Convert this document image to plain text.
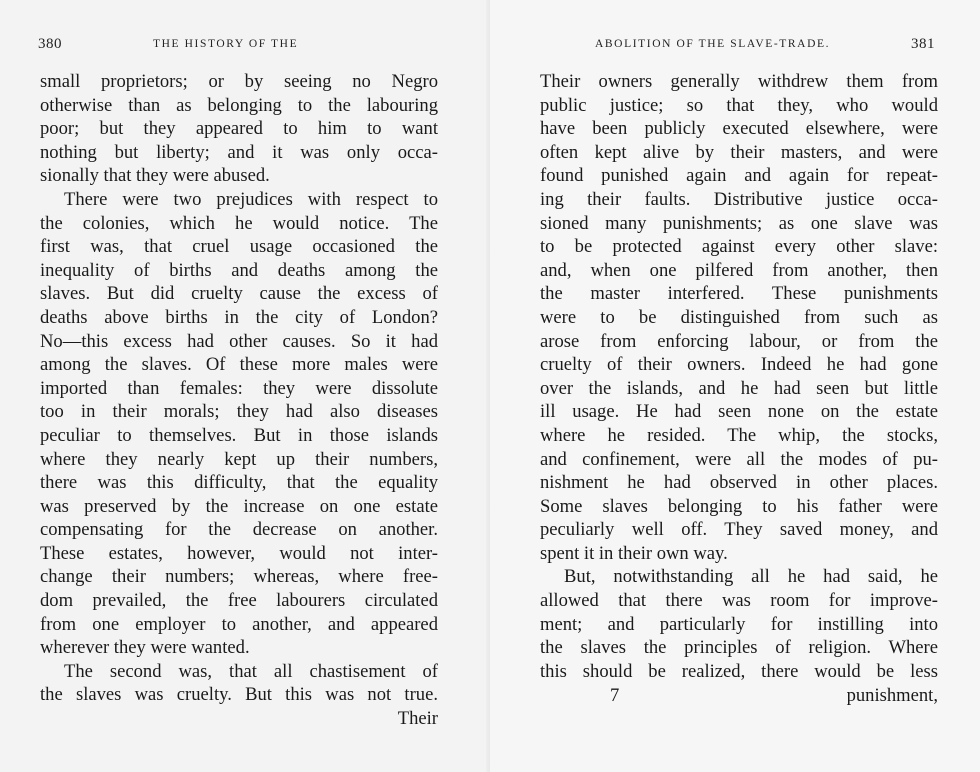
380	THE HISTORY OF THE
small proprietors; or by seeing no Negro
otherwise than as belonging to the labouring
poor; but they appeared to him to want
nothing but liberty; and it was only occa-
sionally that they were abused.
There were two prejudices with respect to
the colonies, which he would notice. The
first was, that cruel usage occasioned the
inequality of births and deaths among the
slaves. But did cruelty cause the excess of
deaths above births in the city of London?
No—this excess had other causes. So it had
among the slaves. Of these more males were
imported than females: they were dissolute
too in their morals; they had also diseases
peculiar to themselves. But in those islands
where they nearly kept up their numbers,
there was this difficulty, that the equality
was preserved by the increase on one estate
compensating for the decrease on another.
These estates, however, would not inter-
change their numbers; whereas, where free-
dom prevailed, the free labourers circulated
from one employer to another, and appeared
wherever they were wanted.
The second was, that all chastisement of
the slaves was cruelty. But this was not true.
Their
ABOLITION OF THE SLAVE-TRADE.	381
Their owners generally withdrew them from
public justice; so that they, who would
have been publicly executed elsewhere, were
often kept alive by their masters, and were
found punished again and again for repeat-
ing their faults. Distributive justice occa-
sioned many punishments; as one slave was
to be protected against every other slave:
and, when one pilfered from another, then
the master interfered. These punishments
were to be distinguished from such as
arose from enforcing labour, or from the
cruelty of their owners. Indeed he had gone
over the islands, and he had seen but little
ill usage. He had seen none on the estate
where he resided. The whip, the stocks,
and confinement, were all the modes of pu-
nishment he had observed in other places.
Some slaves belonging to his father were
peculiarly well off. They saved money, and
spent it in their own way.
But, notwithstanding all he had said, he
allowed that there was room for improve-
ment; and particularly for instilling into
the slaves the principles of religion. Where
this should be realized, there would be less
7	punishment,
